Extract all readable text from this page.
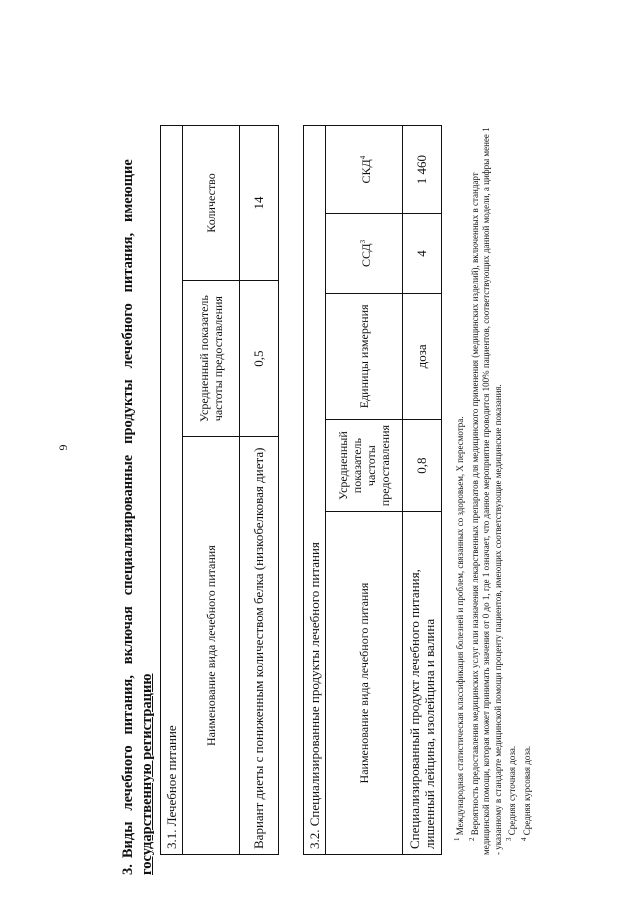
6
3.Виды   лечебного   питания,   включая   специализированные   продукты   лечебного   питания,   имеющие государственную регистрацию 3.1. Лечебное питание		
Наименование вида лечебного питания	Усредненный показатель частоты предоставления	Количество
Вариант диеты с пониженным количеством белка (низкобелковая диета)	0,5	14
3.2. Специализированные продукты лечебного питания				
Наименование вида лечебного питания	Усредненный показатель частоты предоставления	Единицы измерения	ССД$^3$	СКД$^4$
Специализированный продукт лечебного питания, лишенный лейцина, изолейцина и валина	0,8	доза	4	1 460

$^1$ Международная статистическая классификация болезней и проблем, связанных со здоровьем, X пересмотра.

$^2$ Вероятность предоставления медицинских услуг или назначения лекарственных препаратов для медицинского применения (медицинских изделий), включенных в стандарт медицинской помощи, которая может принимать значения от 0 до 1, где 1 означает, что данное мероприятие проводится 100% пациентов, соответствующих данной модели, а цифры менее 1 - указанному в стандарте медицинской помощи проценту пациентов, имеющих соответствующие медицинские показания. $^3$ Средняя суточная доза.

$^4$ Средняя курсовая доза.
